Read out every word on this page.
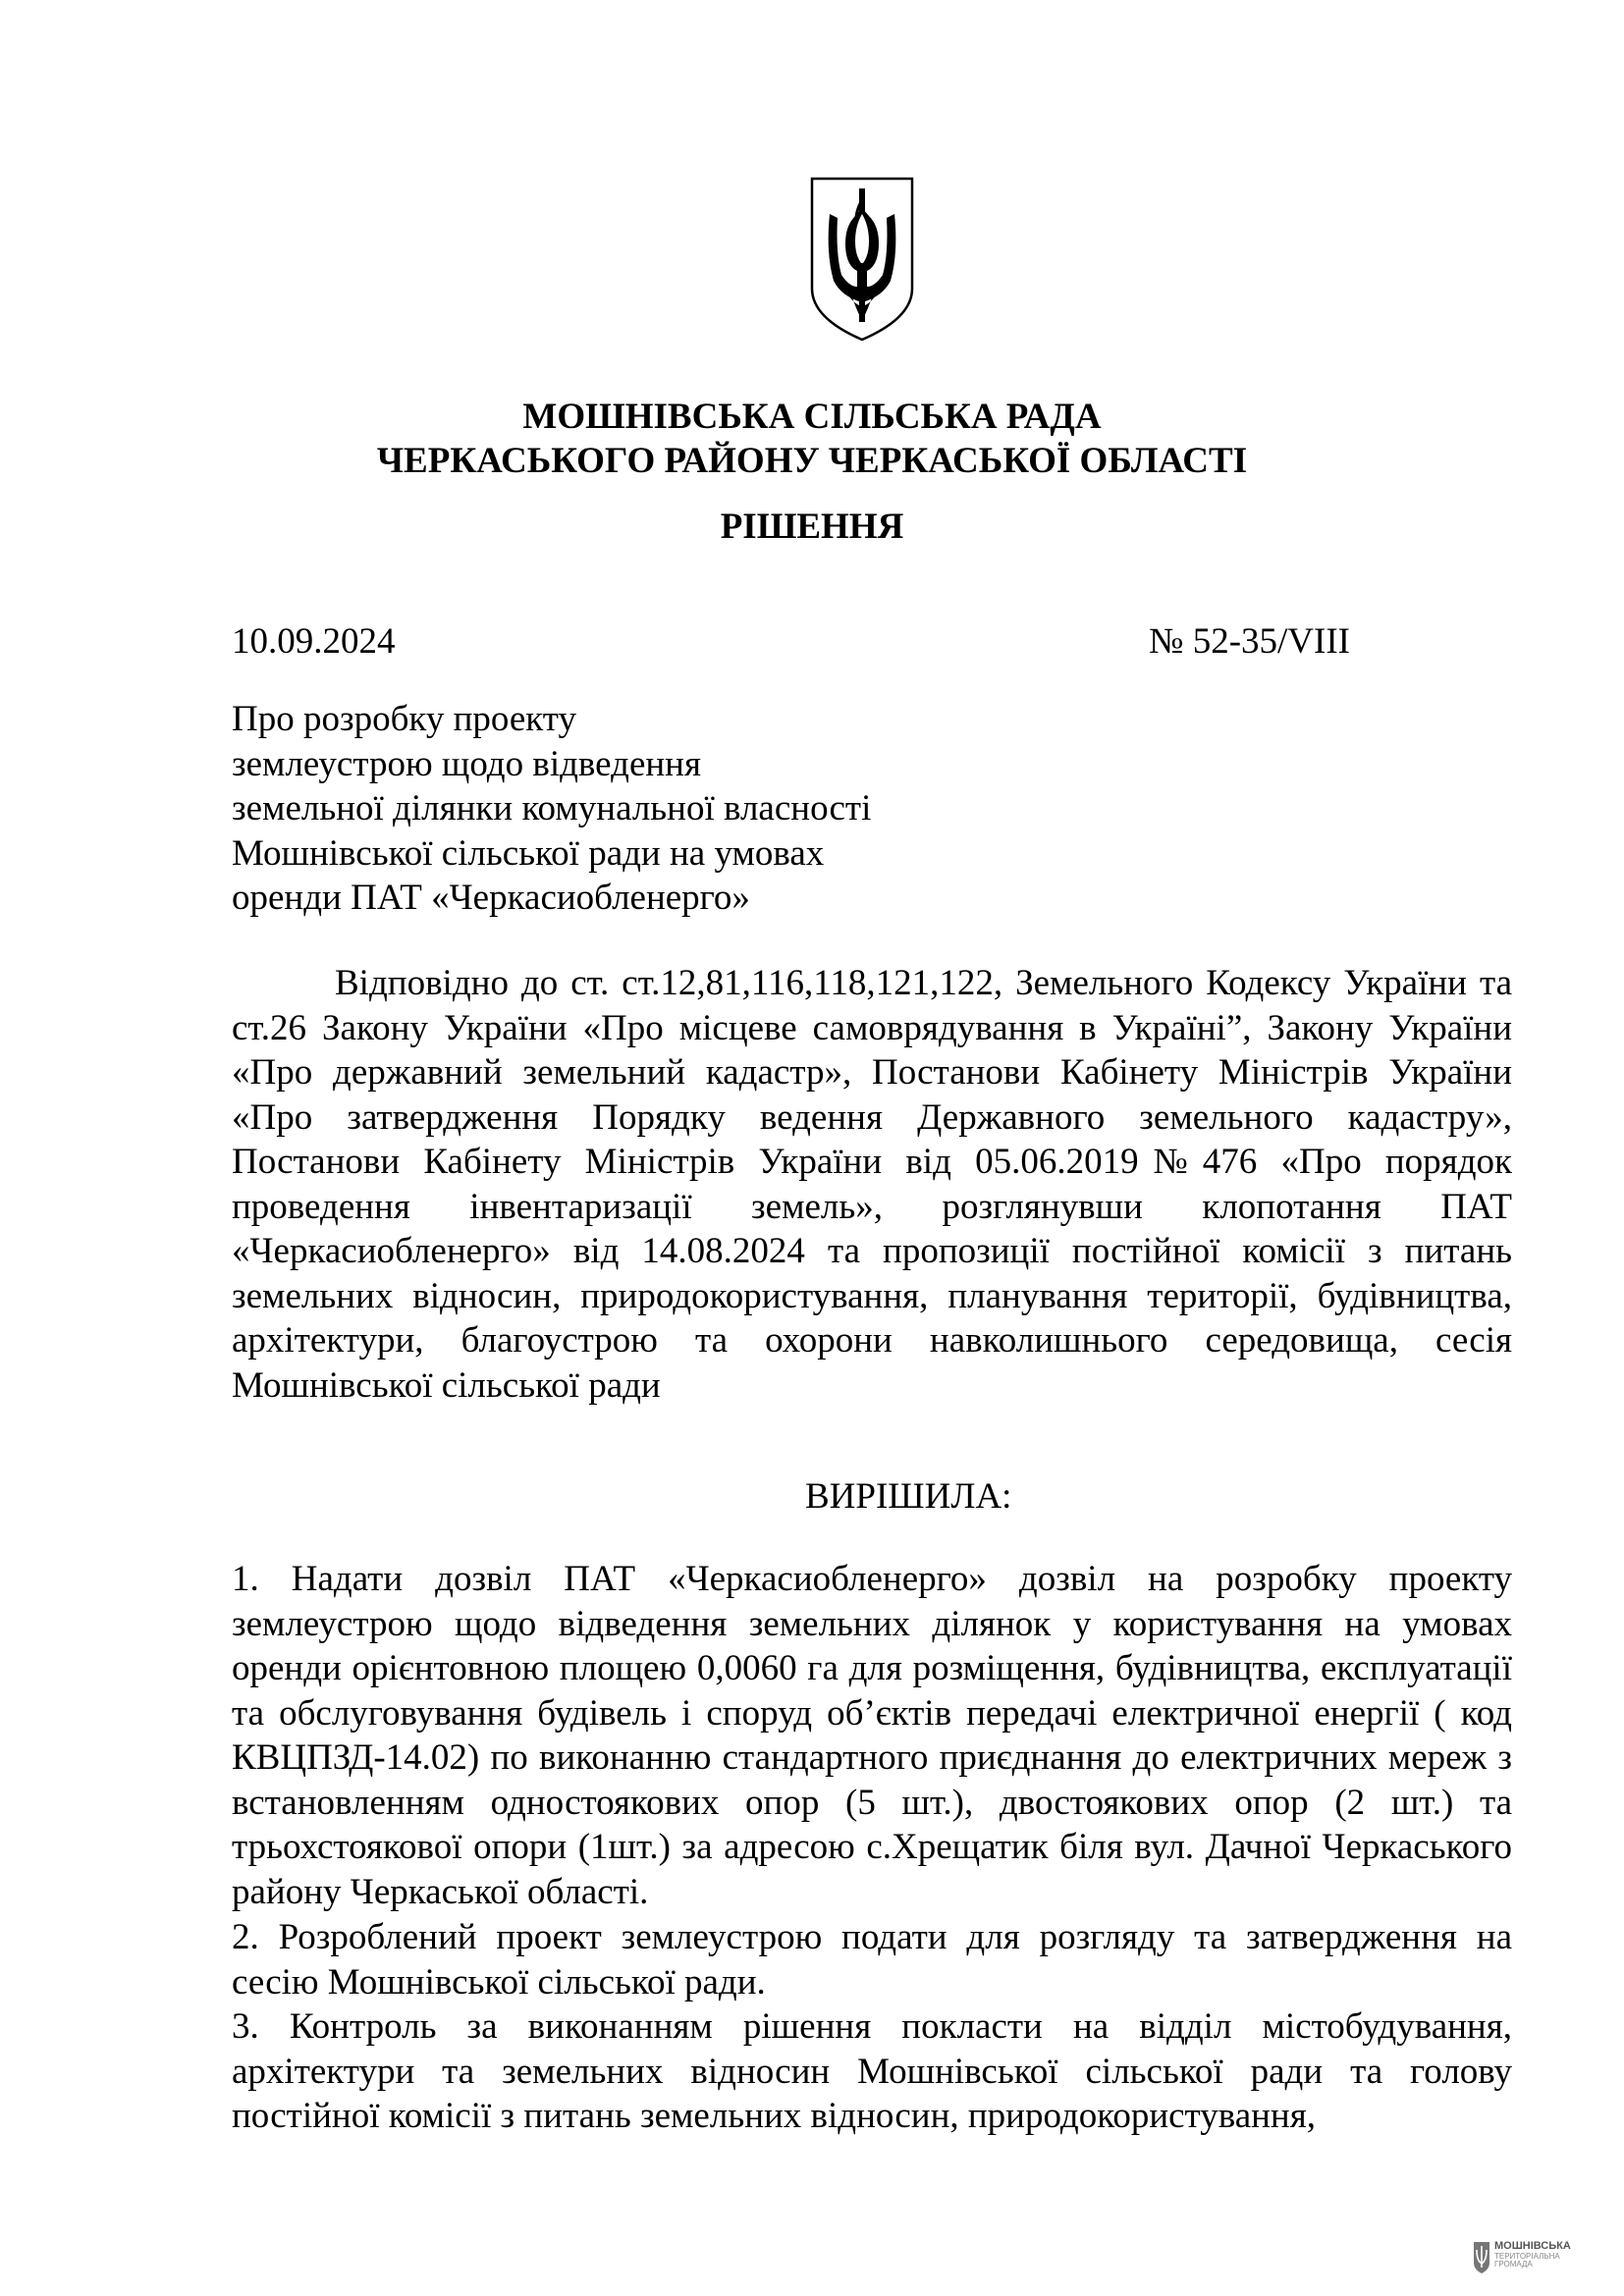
МОШНІВСЬКА СІЛЬСЬКА РАДА
ЧЕРКАСЬКОГО РАЙОНУ ЧЕРКАСЬКОЇ ОБЛАСТІ
РІШЕННЯ
10.09.2024	№ 52-35/VIII
Про розробку проекту
землеустрою щодо відведення
земельної ділянки комунальної власності
Мошнівської сільської ради на умовах
оренди ПАТ «Черкасиобленерго»
Відповідно до ст. ст.12,81,116,118,121,122, Земельного Кодексу України та ст.26 Закону України «Про місцеве самоврядування в Україні”, Закону України «Про державний земельний кадастр», Постанови Кабінету Міністрів України «Про затвердження Порядку ведення Державного земельного кадастру», Постанови Кабінету Міністрів України від 05.06.2019№476 «Про порядок проведення інвентаризації земель», розглянувши клопотання ПАТ «Черкасиобленерго» від 14.08.2024 та пропозиції постійної комісії з питань земельних відносин, природокористування, планування території, будівництва, архітектури, благоустрою та охорони навколишнього середовища, сесія Мошнівської сільської ради
ВИРІШИЛА:
1. Надати дозвіл ПАТ «Черкасиобленерго» дозвіл на розробку проекту землеустрою щодо відведення земельних ділянок у користування на умовах оренди орієнтовною площею 0,0060 га для розміщення, будівництва, експлуатації та обслуговування будівель і споруд об’єктів передачі електричної енергії ( код КВЦПЗД-14.02) по виконанню стандартного приєднання до електричних мереж з встановленням одностоякових опор (5 шт.), двостоякових опор (2 шт.) та трьохстоякової опори (1шт.) за адресою с.Хрещатик біля вул. Дачної Черкаського району Черкаської області.
2. Розроблений проект землеустрою подати для розгляду та затвердження на сесію Мошнівської сільської ради.
3. Контроль за виконанням рішення покласти на відділ містобудування, архітектури та земельних відносин Мошнівської сільської ради та голову постійної комісії з питань земельних відносин, природокористування,
МОШНІВСЬКА
ТЕРИТОРІАЛЬНА
ГРОМАДА
